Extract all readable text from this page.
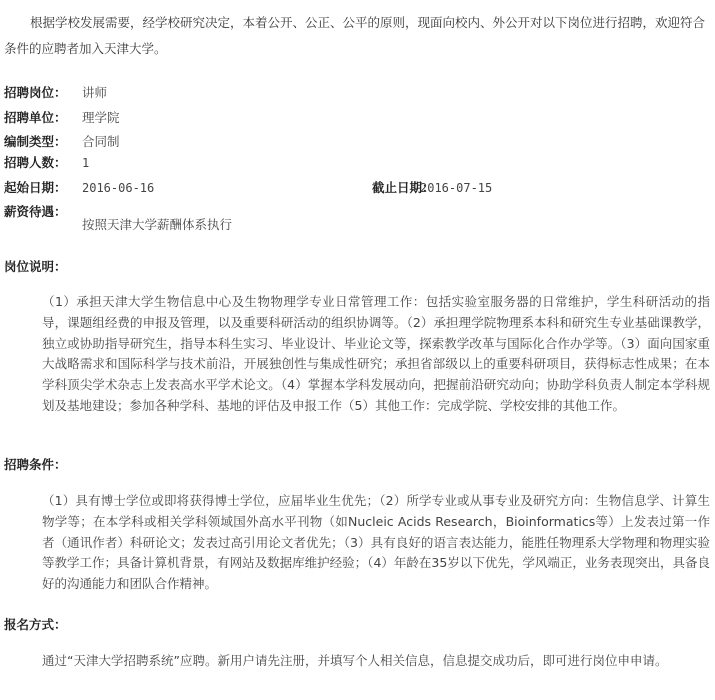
根据学校发展需要，经学校研究决定，本着公开、公正、公平的原则，现面向校内、外公开对以下岗位进行招聘，欢迎符合条件的应聘者加入天津大学。

招聘岗位： 讲师
招聘单位： 理学院
编制类型： 合同制
招聘人数： 1
起始日期： 2016-06-16	截止日期：
2016-07-15
薪资待遇：
按照天津大学薪酬体系执行
岗位说明：

（1）承担天津大学生物信息中心及生物物理学专业日常管理工作：包括实验室服务器的日常维护，学生科研活动的指导，课题组经费的申报及管理，以及重要科研活动的组织协调等。（2）承担理学院物理系本科和研究生专业基础课教学，独立或协助指导研究生，指导本科生实习、毕业设计、毕业论文等，探索教学改革与国际化合作办学等。（3）面向国家重大战略需求和国际科学与技术前沿，开展独创性与集成性研究；承担省部级以上的重要科研项目，获得标志性成果；在本学科顶尖学术杂志上发表高水平学术论文。（4）掌握本学科发展动向，把握前沿研究动向；协助学科负责人制定本学科规划及基地建设；参加各种学科、基地的评估及申报工作（5）其他工作：完成学院、学校安排的其他工作。

招聘条件：

（1）具有博士学位或即将获得博士学位，应届毕业生优先；（2）所学专业或从事专业及研究方向：生物信息学、计算生物学等；在本学科或相关学科领域国外高水平刊物（如Nucleic Acids Research，Bioinformatics等）上发表过第一作者（通讯作者）科研论文；发表过高引用论文者优先；（3）具有良好的语言表达能力，能胜任物理系大学物理和物理实验等教学工作；具备计算机背景，有网站及数据库维护经验；（4）年龄在35岁以下优先，学风端正，业务表现突出，具备良好的沟通能力和团队合作精神。

报名方式：

通过“天津大学招聘系统”应聘。新用户请先注册，并填写个人相关信息，信息提交成功后，即可进行岗位申申请。
